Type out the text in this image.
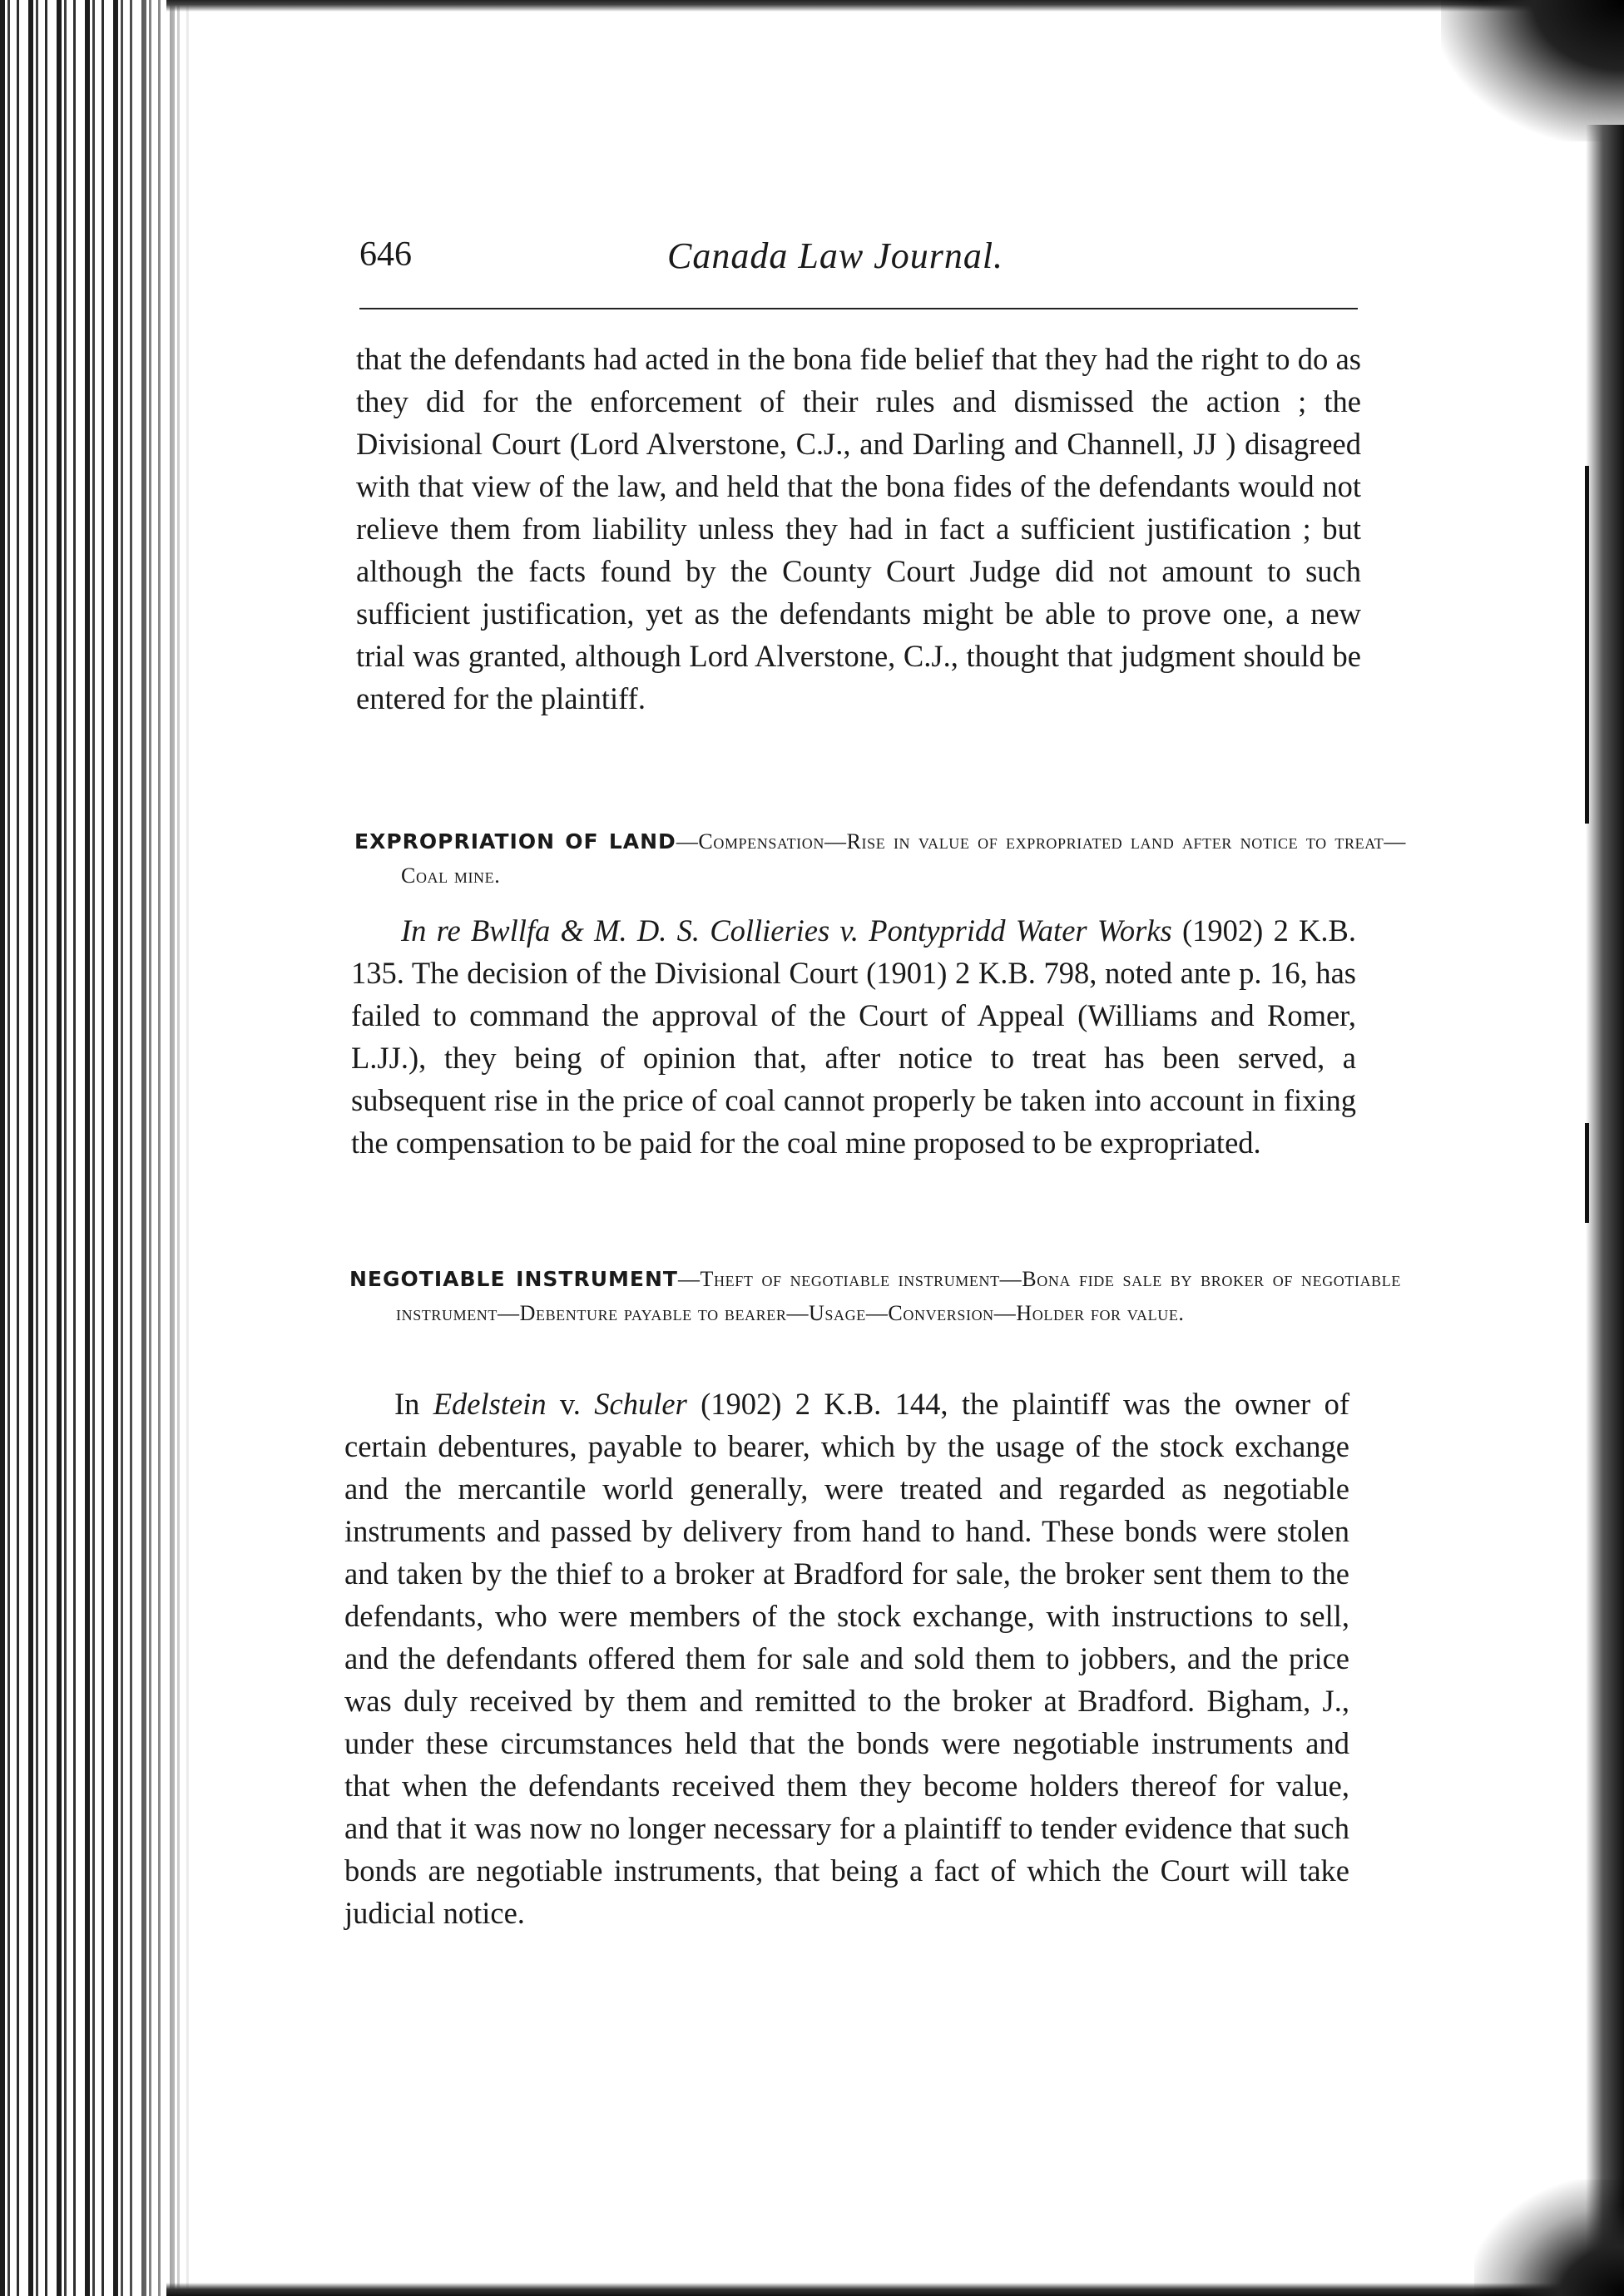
646	Canada Law Journal.
that the defendants had acted in the bona fide belief that they had the right to do as they did for the enforcement of their rules and dismissed the action ; the Divisional Court (Lord Alverstone, C.J., and Darling and Channell, JJ ) disagreed with that view of the law, and held that the bona fides of the defendants would not relieve them from liability unless they had in fact a sufficient justification ; but although the facts found by the County Court Judge did not amount to such sufficient justification, yet as the defendants might be able to prove one, a new trial was granted, although Lord Alverstone, C.J., thought that judgment should be entered for the plaintiff.
EXPROPRIATION OF LAND—Compensation—Rise in value of expropriated land after notice to treat—Coal mine.
In re Bwllfa & M. D. S. Collieries v. Pontypridd Water Works (1902) 2 K.B. 135. The decision of the Divisional Court (1901) 2 K.B. 798, noted ante p. 16, has failed to command the approval of the Court of Appeal (Williams and Romer, L.JJ.), they being of opinion that, after notice to treat has been served, a subsequent rise in the price of coal cannot properly be taken into account in fixing the compensation to be paid for the coal mine proposed to be expropriated.
NEGOTIABLE INSTRUMENT—Theft of negotiable instrument—Bona fide sale by broker of negotiable instrument—Debenture payable to bearer—Usage—Conversion—Holder for value.
In Edelstein v. Schuler (1902) 2 K.B. 144, the plaintiff was the owner of certain debentures, payable to bearer, which by the usage of the stock exchange and the mercantile world generally, were treated and regarded as negotiable instruments and passed by delivery from hand to hand. These bonds were stolen and taken by the thief to a broker at Bradford for sale, the broker sent them to the defendants, who were members of the stock exchange, with instructions to sell, and the defendants offered them for sale and sold them to jobbers, and the price was duly received by them and remitted to the broker at Bradford. Bigham, J., under these circumstances held that the bonds were negotiable instruments and that when the defendants received them they become holders thereof for value, and that it was now no longer necessary for a plaintiff to tender evidence that such bonds are negotiable instruments, that being a fact of which the Court will take judicial notice.
